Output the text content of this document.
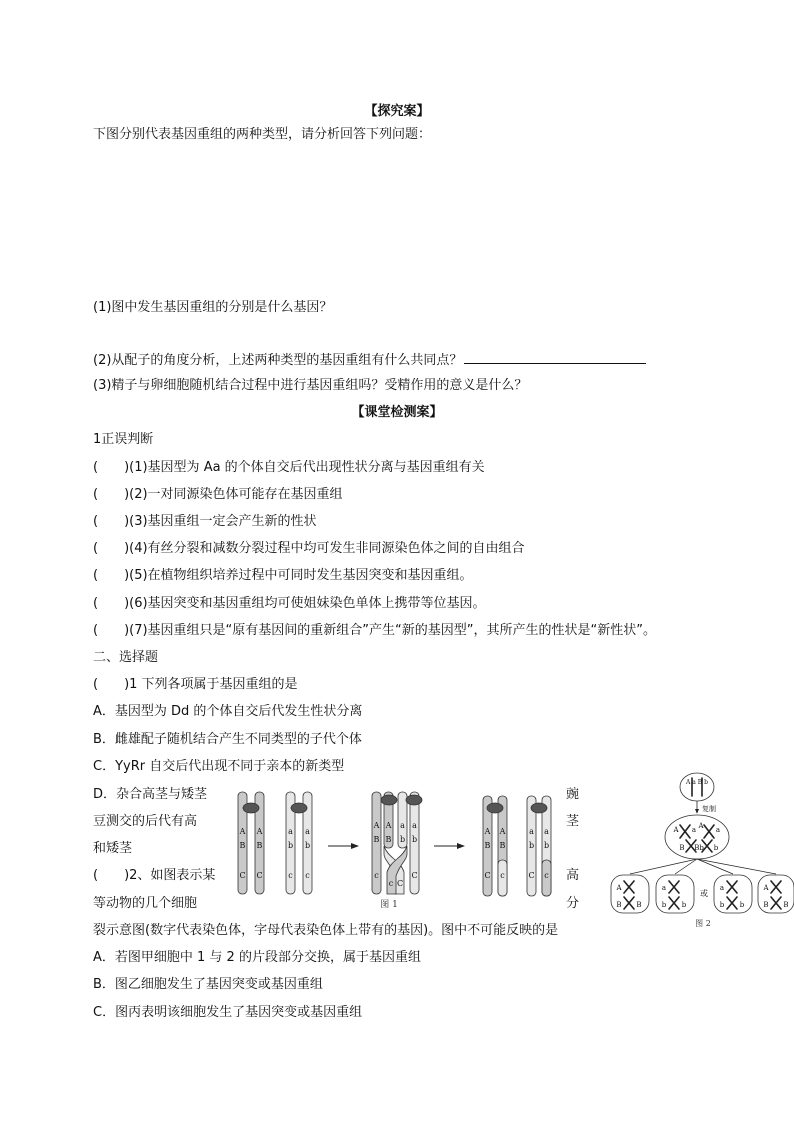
【探究案】
下图分别代表基因重组的两种类型，请分析回答下列问题：
(1)图中发生基因重组的分别是什么基因？
(2)从配子的角度分析，上述两种类型的基因重组有什么共同点？
(3)精子与卵细胞随机结合过程中进行基因重组吗？受精作用的意义是什么？
【课堂检测案】
1正误判断
(　　)(1)基因型为 Aa 的个体自交后代出现性状分离与基因重组有关
(　　)(2)一对同源染色体可能存在基因重组
(　　)(3)基因重组一定会产生新的性状
(　　)(4)有丝分裂和减数分裂过程中均可发生非同源染色体之间的自由组合
(　　)(5)在植物组织培养过程中可同时发生基因突变和基因重组。
(　　)(6)基因突变和基因重组均可使姐妹染色单体上携带等位基因。
(　　)(7)基因重组只是“原有基因间的重新组合”产生“新的基因型”，其所产生的性状是“新性状”。
二、选择题
(　　)1 下列各项属于基因重组的是
A．基因型为 Dd 的个体自交后代发生性状分离
B．雌雄配子随机结合产生不同类型的子代个体
C．YyRr 自交后代出现不同于亲本的新类型
D．杂合高茎与矮茎	豌
豆测交的后代有高	茎
和矮茎
(　　)2、如图表示某	高
等动物的几个细胞	分
裂示意图(数字代表染色体，字母代表染色体上带有的基因)。图中不可能反映的是
A．若图甲细胞中 1 与 2 的片段部分交换，属于基因重组
B．图乙细胞发生了基因突变或基因重组
C．图丙表明该细胞发生了基因突变或基因重组
A A	a a
B B	b b
C C	c c
A A a a
B B b b
c
c C
C
A A	a a
B B	b b
C c	C c
图 1
复制
A a B b
A a A a
B Bb b
或
A
B B
a
b b
a
b b
A
B B
图 2
